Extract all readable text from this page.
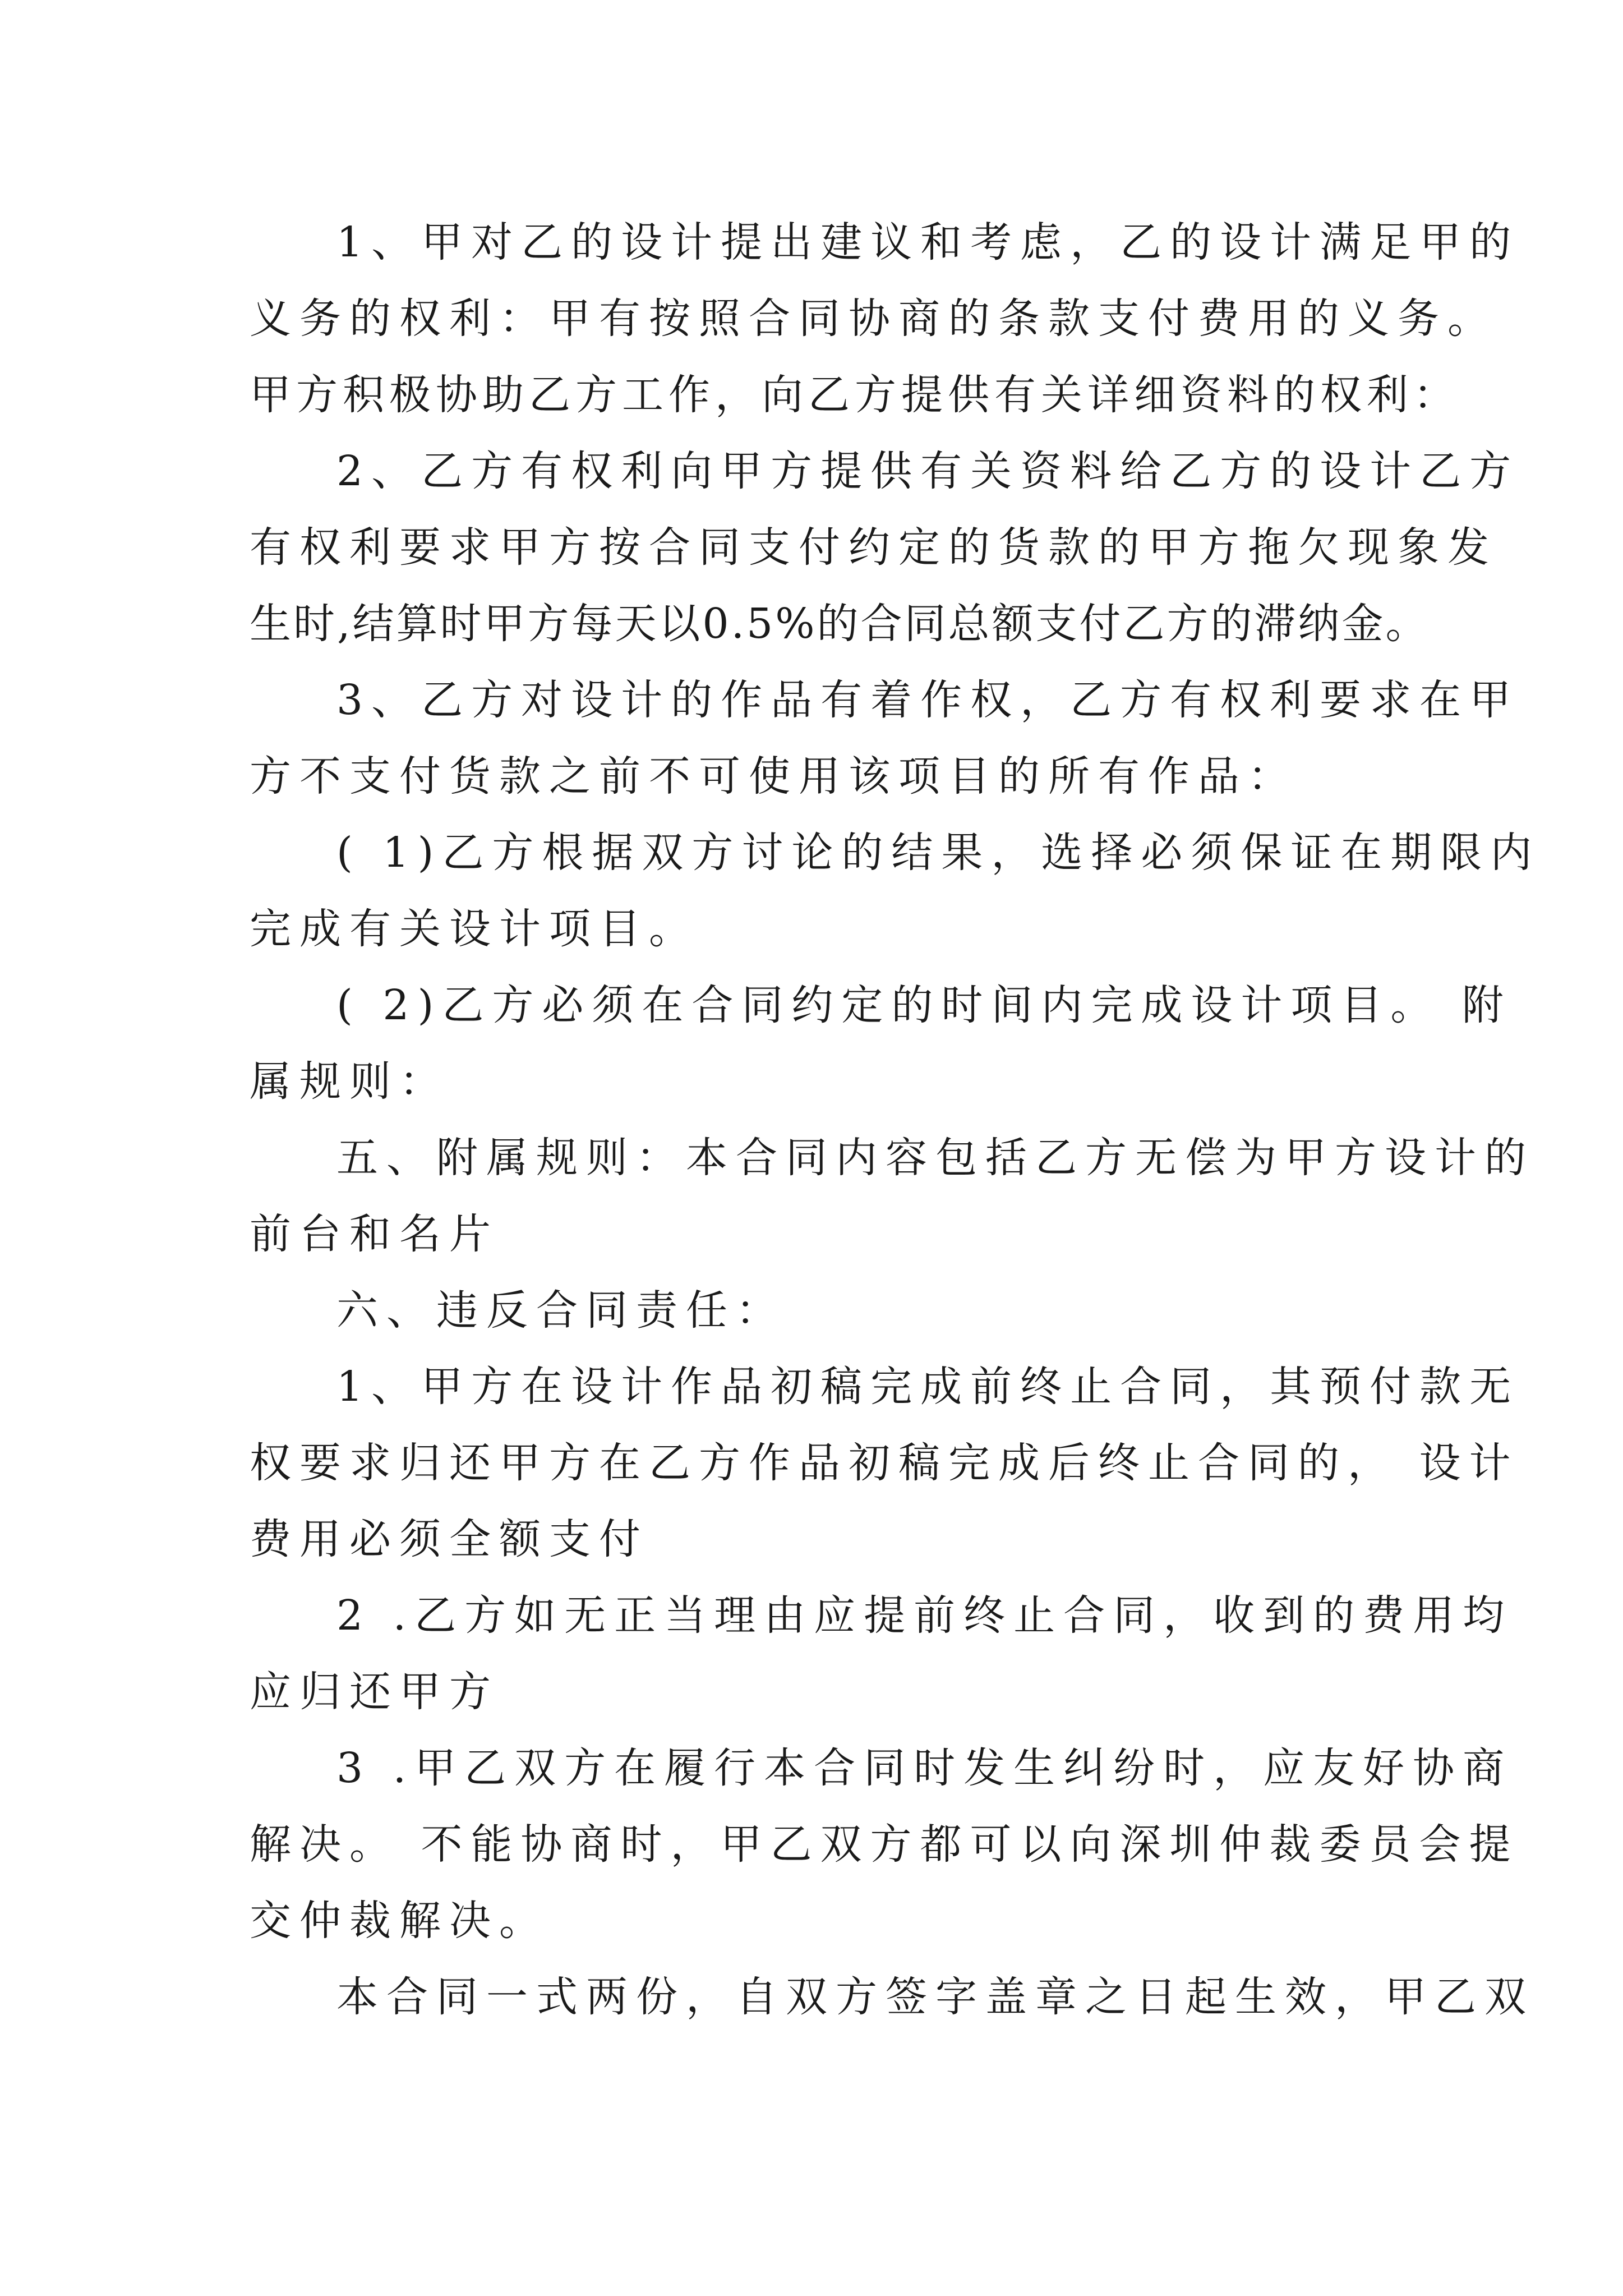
1、甲对乙的设计提出建议和考虑，乙的设计满足甲的

义务的权利：甲有按照合同协商的条款支付费用的义务。

甲方积极协助乙方工作，向乙方提供有关详细资料的权利：

2、乙方有权利向甲方提供有关资料给乙方的设计乙方

有权利要求甲方按合同支付约定的货款的甲方拖欠现象发

生时,结算时甲方每天以0.5%的合同总额支付乙方的滞纳金。

3、乙方对设计的作品有着作权，乙方有权利要求在甲

方不支付货款之前不可使用该项目的所有作品：

( 1)乙方根据双方讨论的结果，选择必须保证在期限内

完成有关设计项目。

( 2)乙方必须在合同约定的时间内完成设计项目。 附

属规则：

五、附属规则：本合同内容包括乙方无偿为甲方设计的

前台和名片

六、违反合同责任：

1、甲方在设计作品初稿完成前终止合同，其预付款无

权要求归还甲方在乙方作品初稿完成后终止合同的， 设计

费用必须全额支付

2 .乙方如无正当理由应提前终止合同，收到的费用均

应归还甲方

3 .甲乙双方在履行本合同时发生纠纷时，应友好协商

解决。 不能协商时，甲乙双方都可以向深圳仲裁委员会提

交仲裁解决。

本合同一式两份，自双方签字盖章之日起生效，甲乙双
